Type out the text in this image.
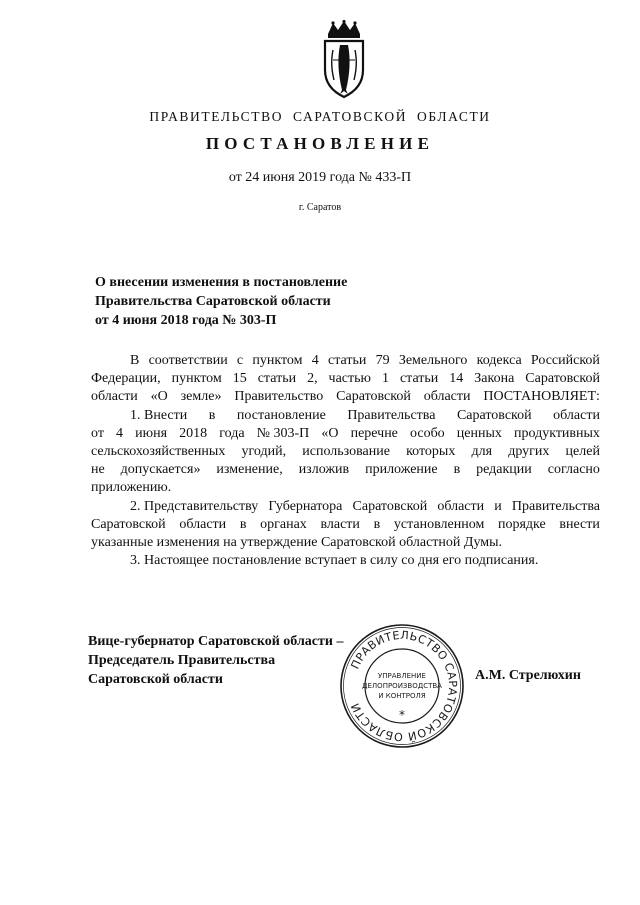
ПРАВИТЕЛЬСТВО САРАТОВСКОЙ ОБЛАСТИ
ПОСТАНОВЛЕНИЕ
от 24 июня 2019 года № 433-П
г. Саратов
О внесении изменения в постановление
Правительства Саратовской области
от 4 июня 2018 года № 303-П
В соответствии с пунктом 4 статьи 79 Земельного кодекса Российской
Федерации, пунктом 15 статьи 2, частью 1 статьи 14 Закона Саратовской
области «О земле» Правительство Саратовской области ПОСТАНОВЛЯЕТ:
1. Внести в постановление Правительства Саратовской области
от 4 июня 2018 года № 303-П «О перечне особо ценных продуктивных
сельскохозяйственных угодий, использование которых для других целей
не допускается» изменение, изложив приложение в редакции согласно
приложению.
2. Представительству Губернатора Саратовской области и Правительства
Саратовской области в органах власти в установленном порядке внести
указанные изменения на утверждение Саратовской областной Думы.
3. Настоящее постановление вступает в силу со дня его подписания.
Вице-губернатор Саратовской области –
Председатель Правительства
Саратовской области
ПРАВИТЕЛЬСТВО САРАТОВСКОЙ ОБЛАСТИ
УПРАВЛЕНИЕ
ДЕЛОПРОИЗВОДСТВА
И КОНТРОЛЯ
*
А.М. Стрелюхин
